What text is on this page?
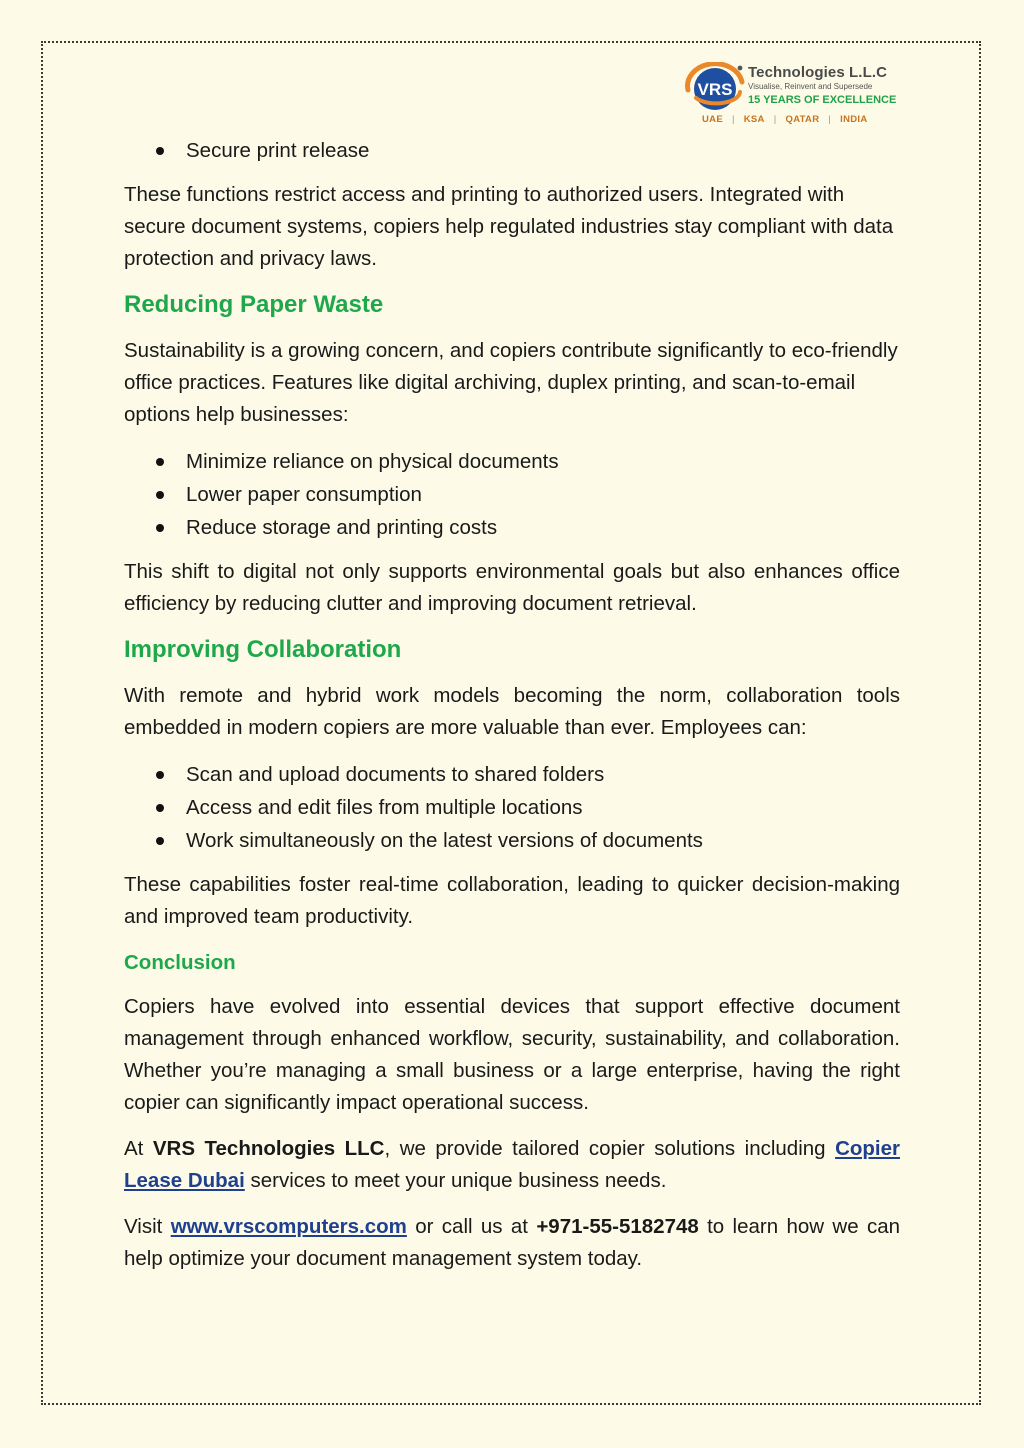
VRS
Technologies L.L.C
Visualise, Reinvent and Supersede
15 YEARS OF EXCELLENCE
UAE | KSA | QATAR | INDIA
Secure print release

These functions restrict access and printing to authorized users. Integrated with secure document systems, copiers help regulated industries stay compliant with data protection and privacy laws.

Reducing Paper Waste

Sustainability is a growing concern, and copiers contribute significantly to eco-friendly office practices. Features like digital archiving, duplex printing, and scan-to-email options help businesses:

Minimize reliance on physical documents
Lower paper consumption
Reduce storage and printing costs

This shift to digital not only supports environmental goals but also enhances office efficiency by reducing clutter and improving document retrieval.

Improving Collaboration

With remote and hybrid work models becoming the norm, collaboration tools embedded in modern copiers are more valuable than ever. Employees can:

Scan and upload documents to shared folders
Access and edit files from multiple locations
Work simultaneously on the latest versions of documents

These capabilities foster real-time collaboration, leading to quicker decision-making and improved team productivity.

Conclusion

Copiers have evolved into essential devices that support effective document management through enhanced workflow, security, sustainability, and collaboration. Whether you’re managing a small business or a large enterprise, having the right copier can significantly impact operational success.

At VRS Technologies LLC, we provide tailored copier solutions including Copier Lease Dubai services to meet your unique business needs.

Visit www.vrscomputers.com or call us at +971-55-5182748 to learn how we can help optimize your document management system today.
